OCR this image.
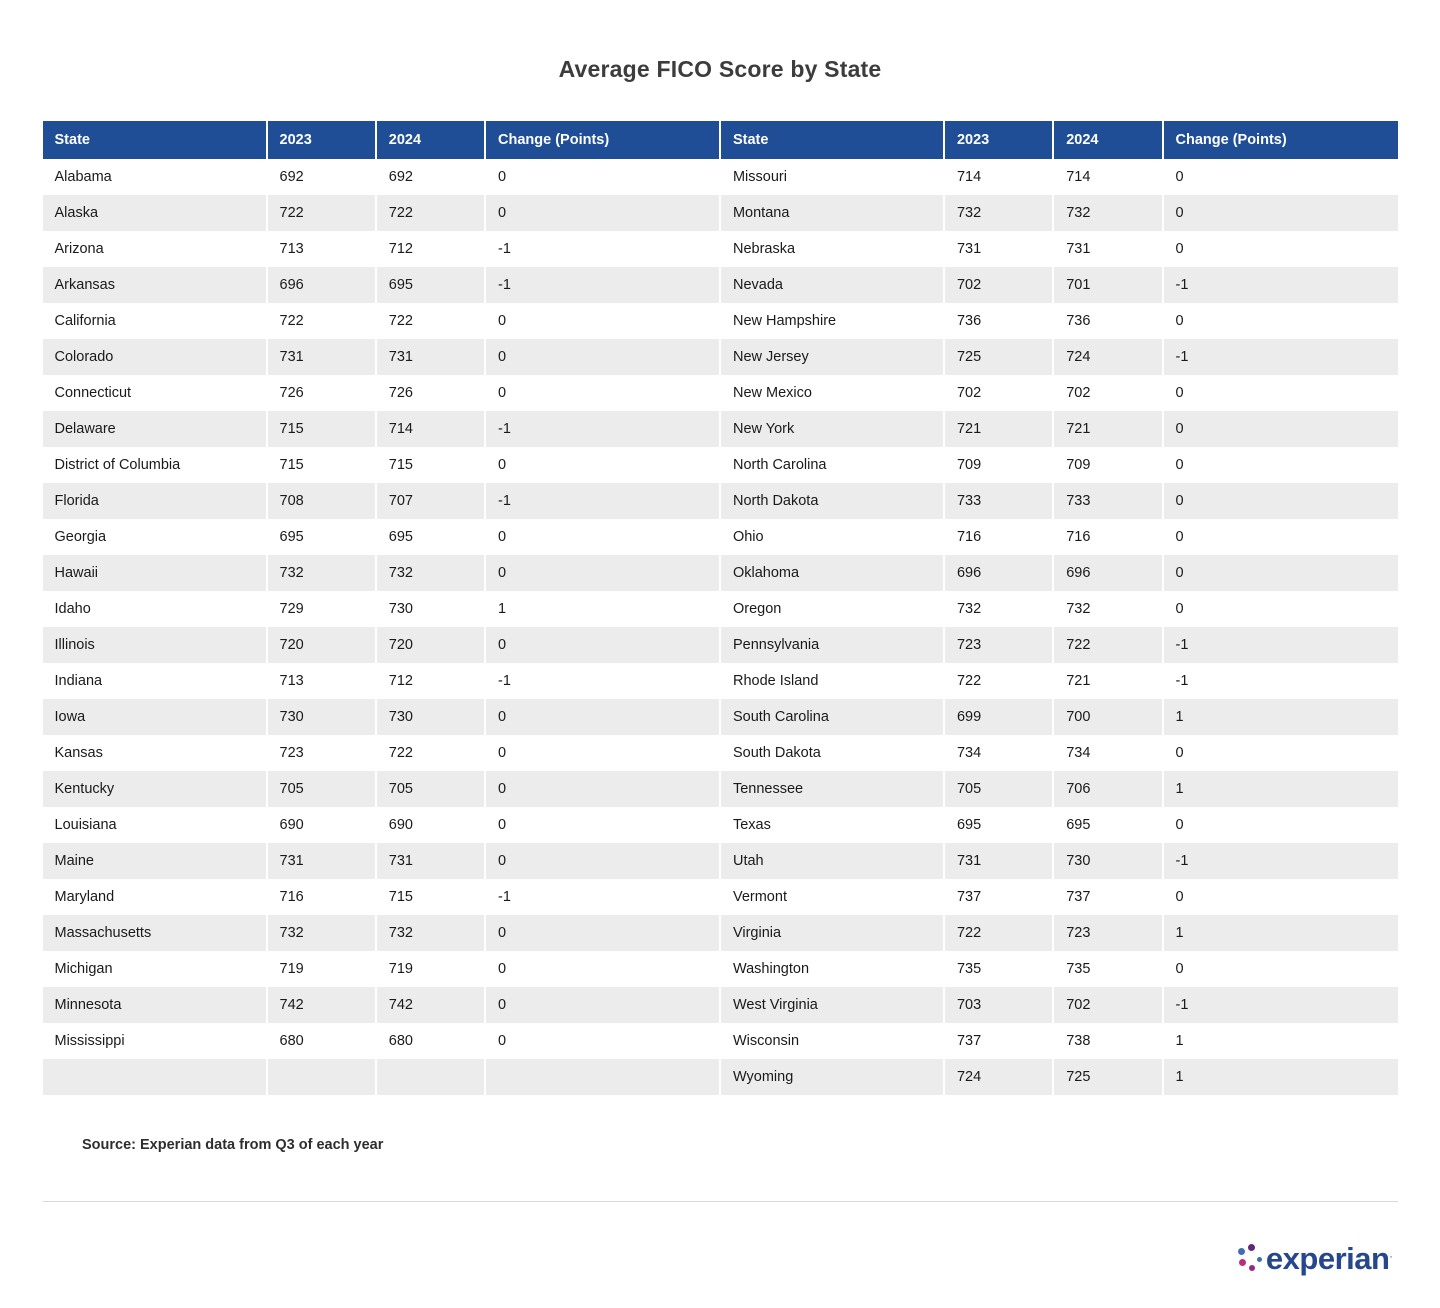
Average FICO Score by State
State	2023	2024	Change (Points)	State	2023	2024	Change (Points)
Alabama	692	692	0	Missouri	714	714	0
Alaska	722	722	0	Montana	732	732	0
Arizona	713	712	-1	Nebraska	731	731	0
Arkansas	696	695	-1	Nevada	702	701	-1
California	722	722	0	New Hampshire	736	736	0
Colorado	731	731	0	New Jersey	725	724	-1
Connecticut	726	726	0	New Mexico	702	702	0
Delaware	715	714	-1	New York	721	721	0
District of Columbia	715	715	0	North Carolina	709	709	0
Florida	708	707	-1	North Dakota	733	733	0
Georgia	695	695	0	Ohio	716	716	0
Hawaii	732	732	0	Oklahoma	696	696	0
Idaho	729	730	1	Oregon	732	732	0
Illinois	720	720	0	Pennsylvania	723	722	-1
Indiana	713	712	-1	Rhode Island	722	721	-1
Iowa	730	730	0	South Carolina	699	700	1
Kansas	723	722	0	South Dakota	734	734	0
Kentucky	705	705	0	Tennessee	705	706	1
Louisiana	690	690	0	Texas	695	695	0
Maine	731	731	0	Utah	731	730	-1
Maryland	716	715	-1	Vermont	737	737	0
Massachusetts	732	732	0	Virginia	722	723	1
Michigan	719	719	0	Washington	735	735	0
Minnesota	742	742	0	West Virginia	703	702	-1
Mississippi	680	680	0	Wisconsin	737	738	1
				Wyoming	724	725	1
Source: Experian data from Q3 of each year
experian.
